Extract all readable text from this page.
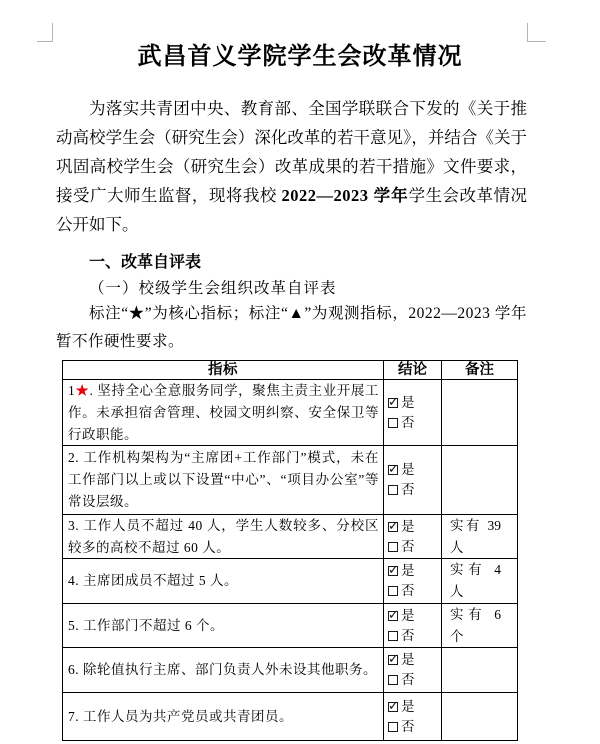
武昌首义学院学生会改革情况

为落实共青团中央、教育部、全国学联联合下发的《关于推动高校学生会（研究生会）深化改革的若干意见》，并结合《关于巩固高校学生会（研究生会）改革成果的若干措施》文件要求，接受广大师生监督，现将我校 2022—2023 学年学生会改革情况公开如下。

一、改革自评表
（一）校级学生会组织改革自评表

标注“★”为核心指标；标注“▲”为观测指标，2022—2023 学年暂不作硬性要求。

指标	结论	备注
1★. 坚持全心全意服务同学，聚焦主责主业开展工作。未承担宿舍管理、校园文明纠察、安全保卫等行政职能。
✓是
否
2. 工作机构架构为“主席团+工作部门”模式，未在工作部门以上或以下设置“中心”、“项目办公室”等常设层级。
✓是
否
3. 工作人员不超过 40 人，学生人数较多、分校区较多的高校不超过 60 人。
✓是
否
实有 39 人
4. 主席团成员不超过 5 人。
✓是
否
实有 4 人
5. 工作部门不超过 6 个。
✓是
否
实有 6 个
6. 除轮值执行主席、部门负责人外未设其他职务。
✓是
否
7. 工作人员为共产党员或共青团员。
✓是
否
